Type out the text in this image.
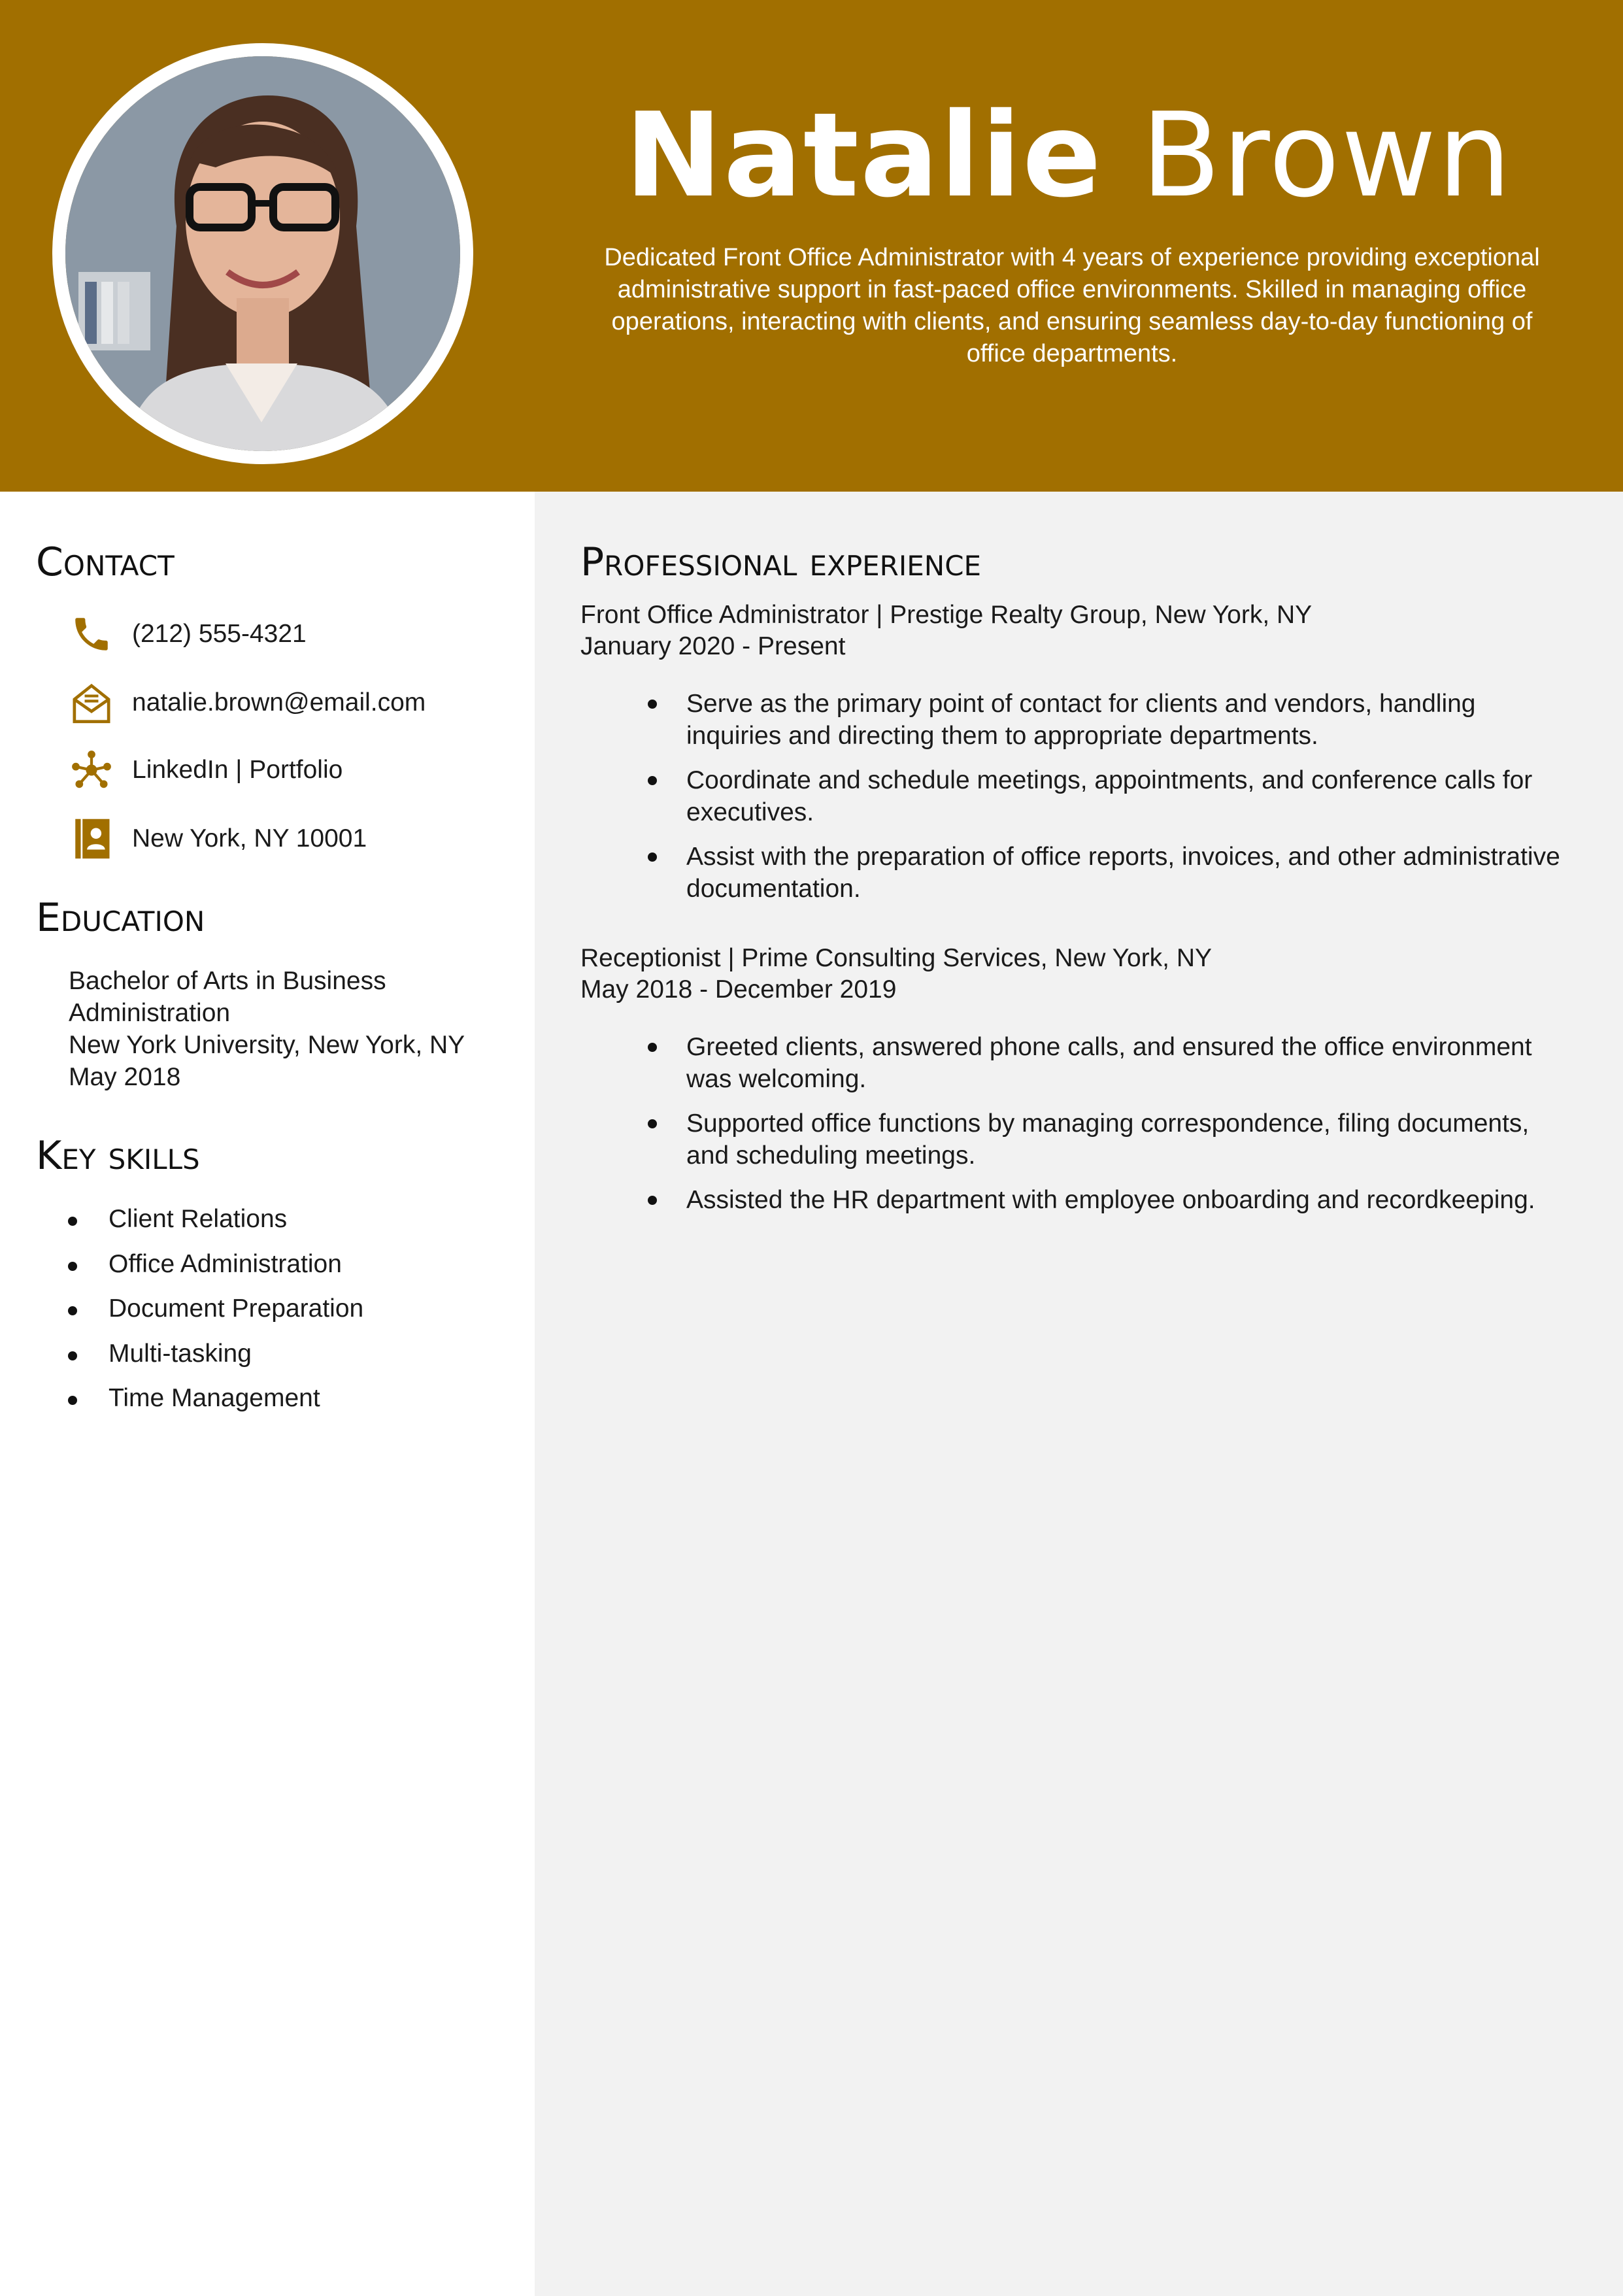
Natalie Brown
Dedicated Front Office Administrator with 4 years of experience providing exceptional administrative support in fast-paced office environments. Skilled in managing office operations, interacting with clients, and ensuring seamless day-to-day functioning of office departments.
Contact
(212) 555-4321
natalie.brown@email.com
LinkedIn | Portfolio
New York, NY 10001
Education
Bachelor of Arts in Business
Administration
New York University, New York, NY
May 2018
Key skills
Client Relations
Office Administration
Document Preparation
Multi-tasking
Time Management
Professional experience
Front Office Administrator | Prestige Realty Group, New York, NY
January 2020 - Present
Serve as the primary point of contact for clients and vendors, handling inquiries and directing them to appropriate departments.
Coordinate and schedule meetings, appointments, and conference calls for executives.
Assist with the preparation of office reports, invoices, and other administrative documentation.
Receptionist | Prime Consulting Services, New York, NY
May 2018 - December 2019
Greeted clients, answered phone calls, and ensured the office environment was welcoming.
Supported office functions by managing correspondence, filing documents, and scheduling meetings.
Assisted the HR department with employee onboarding and recordkeeping.
